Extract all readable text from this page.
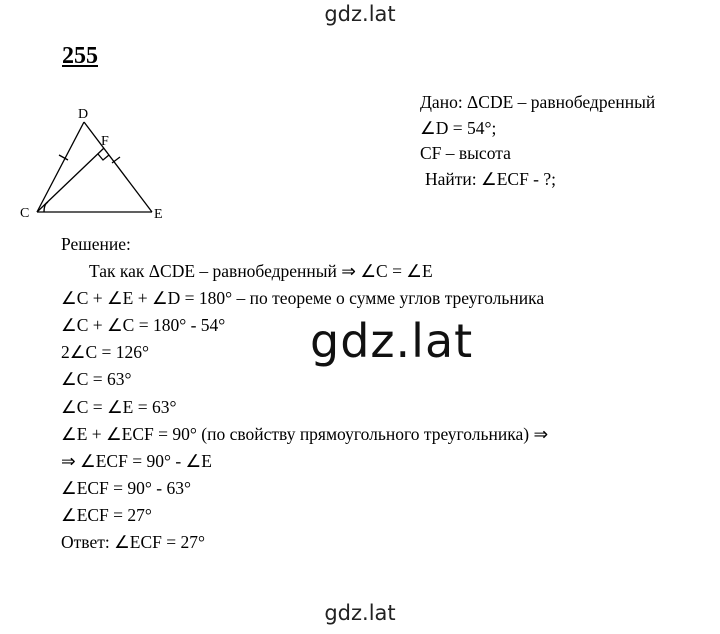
gdz.lat
255
D
F
C	E
Дано: ΔCDE – равнобедренный
∠D = 54°;
CF – высота
Найти: ∠ECF - ?;
Решение:
Так как ΔCDE – равнобедренный ⇒ ∠C = ∠E
∠C + ∠E + ∠D = 180° – по теореме о сумме углов треугольника
∠C + ∠C = 180° - 54°
2∠C = 126°
∠C = 63°
∠C = ∠E = 63°
∠E + ∠ECF = 90° (по свойству прямоугольного треугольника) ⇒
⇒ ∠ECF = 90° - ∠E
∠ECF = 90° - 63°
∠ECF = 27°
Ответ: ∠ECF = 27°
gdz.lat
gdz.lat
